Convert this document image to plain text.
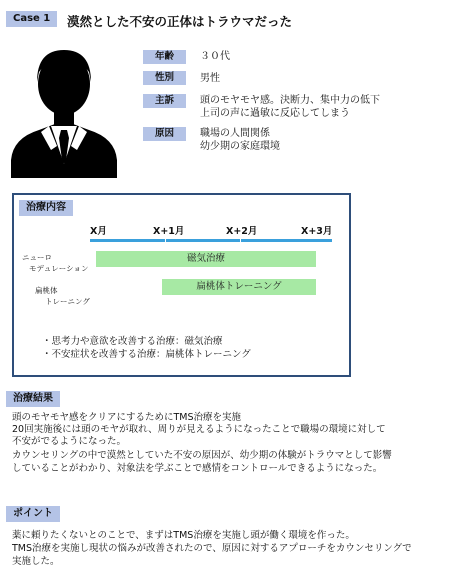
Case 1	漠然とした不安の正体はトラウマだった
年齢	３０代
性別	男性
主訴	頭のモヤモヤ感。決断力、集中力の低下
上司の声に過敏に反応してしまう
原因	職場の人間関係
幼少期の家庭環境
治療内容
X月	X+1月	X+2月	X+3月
ニューロ
モデュレーション
磁気治療
扁桃体
トレーニング
扁桃体トレーニング
・思考力や意欲を改善する治療：磁気治療
・不安症状を改善する治療：扁桃体トレーニング
治療結果
頭のモヤモヤ感をクリアにするためにTMS治療を実施
20回実施後には頭のモヤが取れ、周りが見えるようになったことで職場の環境に対して
不安がでるようになった。
カウンセリングの中で漠然としていた不安の原因が、幼少期の体験がトラウマとして影響
していることがわかり、対象法を学ぶことで感情をコントロールできるようになった。
ポイント
薬に頼りたくないとのことで、まずはTMS治療を実施し頭が働く環境を作った。
TMS治療を実施し現状の悩みが改善されたので、原因に対するアプローチをカウンセリングで
実施した。
